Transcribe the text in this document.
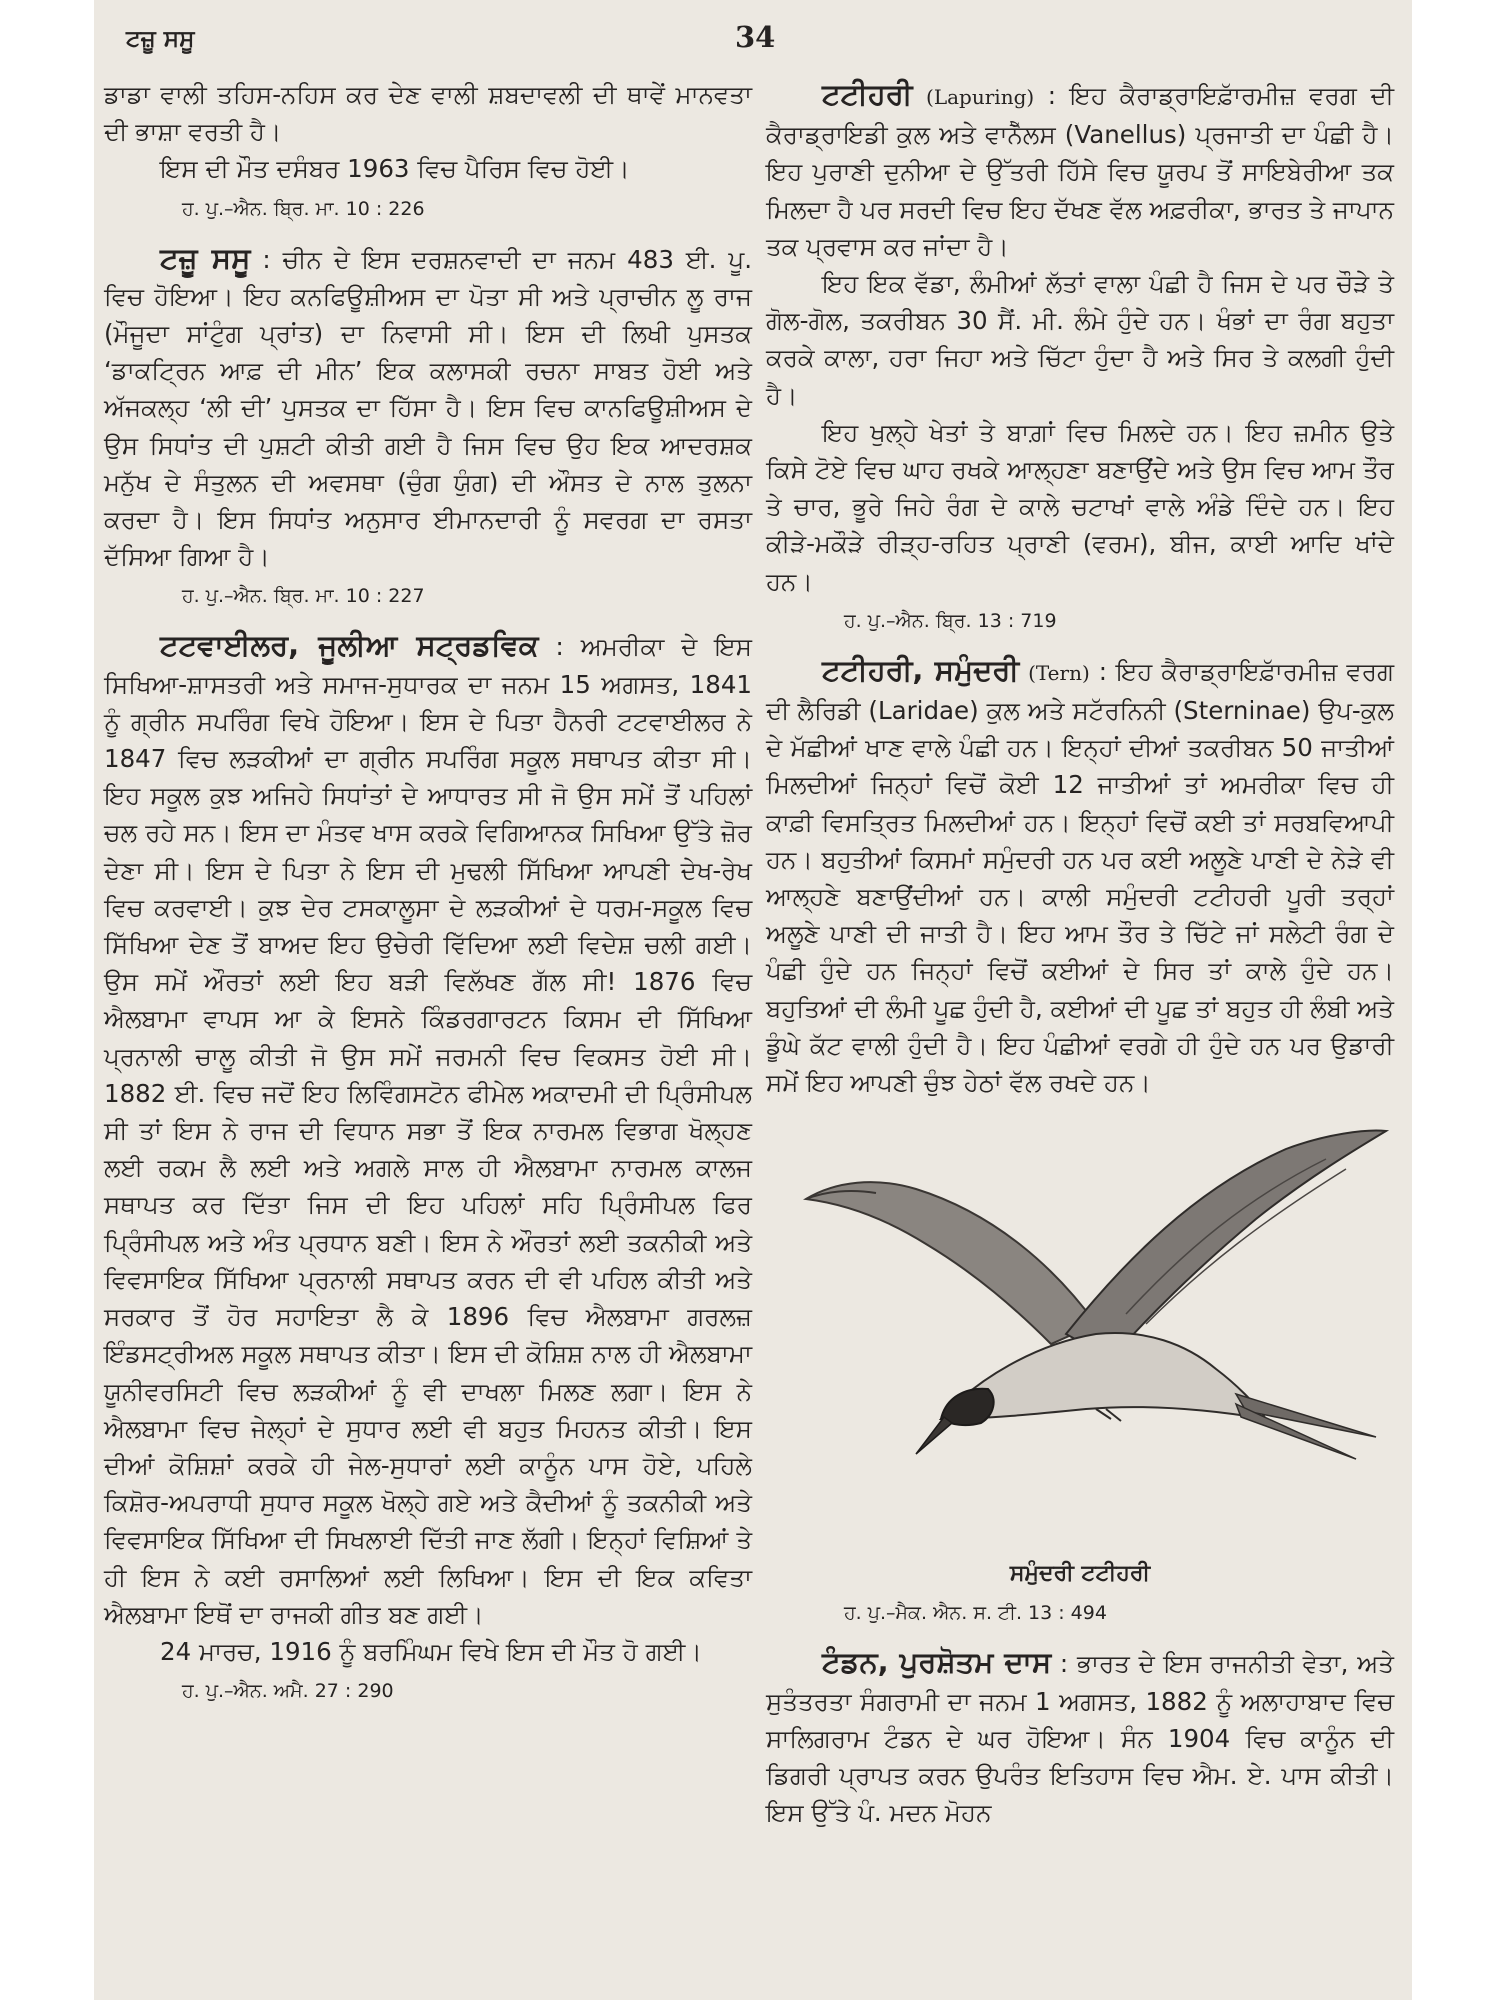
ਟਜ਼ੂ ਸਸੂ	34

ਡਾਡਾ ਵਾਲੀ ਤਹਿਸ-ਨਹਿਸ ਕਰ ਦੇਣ ਵਾਲੀ ਸ਼ਬਦਾਵਲੀ ਦੀ ਥਾਵੇਂ ਮਾਨਵਤਾ ਦੀ ਭਾਸ਼ਾ ਵਰਤੀ ਹੈ।

ਇਸ ਦੀ ਮੌਤ ਦਸੰਬਰ 1963 ਵਿਚ ਪੈਰਿਸ ਵਿਚ ਹੋਈ।

ਹ. ਪੁ.–ਐਨ. ਬ੍ਰਿ. ਮਾ. 10 : 226

ਟਜ਼ੂ ਸਸੂ : ਚੀਨ ਦੇ ਇਸ ਦਰਸ਼ਨਵਾਦੀ ਦਾ ਜਨਮ 483 ਈ. ਪੂ. ਵਿਚ ਹੋਇਆ। ਇਹ ਕਨਫਿਊਸ਼ੀਅਸ ਦਾ ਪੋਤਾ ਸੀ ਅਤੇ ਪ੍ਰਾਚੀਨ ਲੂ ਰਾਜ (ਮੌਜੂਦਾ ਸਾਂਟੁੰਗ ਪ੍ਰਾਂਤ) ਦਾ ਨਿਵਾਸੀ ਸੀ। ਇਸ ਦੀ ਲਿਖੀ ਪੁਸਤਕ ‘ਡਾਕਟ੍ਰਿਨ ਆਫ਼ ਦੀ ਮੀਨ’ ਇਕ ਕਲਾਸਕੀ ਰਚਨਾ ਸਾਬਤ ਹੋਈ ਅਤੇ ਅੱਜਕਲ੍ਹ ‘ਲੀ ਦੀ’ ਪੁਸਤਕ ਦਾ ਹਿੱਸਾ ਹੈ। ਇਸ ਵਿਚ ਕਾਨਫਿਊਸ਼ੀਅਸ ਦੇ ਉਸ ਸਿਧਾਂਤ ਦੀ ਪੁਸ਼ਟੀ ਕੀਤੀ ਗਈ ਹੈ ਜਿਸ ਵਿਚ ਉਹ ਇਕ ਆਦਰਸ਼ਕ ਮਨੁੱਖ ਦੇ ਸੰਤੁਲਨ ਦੀ ਅਵਸਥਾ (ਚੁੰਗ ਯੁੰਗ) ਦੀ ਔਸਤ ਦੇ ਨਾਲ ਤੁਲਨਾ ਕਰਦਾ ਹੈ। ਇਸ ਸਿਧਾਂਤ ਅਨੁਸਾਰ ਈਮਾਨਦਾਰੀ ਨੂੰ ਸਵਰਗ ਦਾ ਰਸਤਾ ਦੱਸਿਆ ਗਿਆ ਹੈ।

ਹ. ਪੁ.–ਐਨ. ਬ੍ਰਿ. ਮਾ. 10 : 227

ਟਟਵਾਈਲਰ, ਜੂਲੀਆ ਸਟ੍ਰਡਵਿਕ : ਅਮਰੀਕਾ ਦੇ ਇਸ ਸਿਖਿਆ-ਸ਼ਾਸਤਰੀ ਅਤੇ ਸਮਾਜ-ਸੁਧਾਰਕ ਦਾ ਜਨਮ 15 ਅਗਸਤ, 1841 ਨੂੰ ਗ੍ਰੀਨ ਸਪਰਿੰਗ ਵਿਖੇ ਹੋਇਆ। ਇਸ ਦੇ ਪਿਤਾ ਹੈਨਰੀ ਟਟਵਾਈਲਰ ਨੇ 1847 ਵਿਚ ਲੜਕੀਆਂ ਦਾ ਗ੍ਰੀਨ ਸਪਰਿੰਗ ਸਕੂਲ ਸਥਾਪਤ ਕੀਤਾ ਸੀ। ਇਹ ਸਕੂਲ ਕੁਝ ਅਜਿਹੇ ਸਿਧਾਂਤਾਂ ਦੇ ਆਧਾਰਤ ਸੀ ਜੋ ਉਸ ਸਮੇਂ ਤੋਂ ਪਹਿਲਾਂ ਚਲ ਰਹੇ ਸਨ। ਇਸ ਦਾ ਮੰਤਵ ਖਾਸ ਕਰਕੇ ਵਿਗਿਆਨਕ ਸਿਖਿਆ ਉੱਤੇ ਜ਼ੋਰ ਦੇਣਾ ਸੀ। ਇਸ ਦੇ ਪਿਤਾ ਨੇ ਇਸ ਦੀ ਮੁਢਲੀ ਸਿੱਖਿਆ ਆਪਣੀ ਦੇਖ-ਰੇਖ ਵਿਚ ਕਰਵਾਈ। ਕੁਝ ਦੇਰ ਟਸਕਾਲੂਸਾ ਦੇ ਲੜਕੀਆਂ ਦੇ ਧਰਮ-ਸਕੂਲ ਵਿਚ ਸਿੱਖਿਆ ਦੇਣ ਤੋਂ ਬਾਅਦ ਇਹ ਉਚੇਰੀ ਵਿੱਦਿਆ ਲਈ ਵਿਦੇਸ਼ ਚਲੀ ਗਈ। ਉਸ ਸਮੇਂ ਔਰਤਾਂ ਲਈ ਇਹ ਬੜੀ ਵਿਲੱਖਣ ਗੱਲ ਸੀ! 1876 ਵਿਚ ਐਲਬਾਮਾ ਵਾਪਸ ਆ ਕੇ ਇਸਨੇ ਕਿੰਡਰਗਾਰਟਨ ਕਿਸਮ ਦੀ ਸਿੱਖਿਆ ਪ੍ਰਨਾਲੀ ਚਾਲੂ ਕੀਤੀ ਜੋ ਉਸ ਸਮੇਂ ਜਰਮਨੀ ਵਿਚ ਵਿਕਸਤ ਹੋਈ ਸੀ। 1882 ਈ. ਵਿਚ ਜਦੋਂ ਇਹ ਲਿਵਿੰਗਸਟੋਨ ਫੀਮੇਲ ਅਕਾਦਮੀ ਦੀ ਪ੍ਰਿੰਸੀਪਲ ਸੀ ਤਾਂ ਇਸ ਨੇ ਰਾਜ ਦੀ ਵਿਧਾਨ ਸਭਾ ਤੋਂ ਇਕ ਨਾਰਮਲ ਵਿਭਾਗ ਖੋਲ੍ਹਣ ਲਈ ਰਕਮ ਲੈ ਲਈ ਅਤੇ ਅਗਲੇ ਸਾਲ ਹੀ ਐਲਬਾਮਾ ਨਾਰਮਲ ਕਾਲਜ ਸਥਾਪਤ ਕਰ ਦਿੱਤਾ ਜਿਸ ਦੀ ਇਹ ਪਹਿਲਾਂ ਸਹਿ ਪ੍ਰਿੰਸੀਪਲ ਫਿਰ ਪ੍ਰਿੰਸੀਪਲ ਅਤੇ ਅੰਤ ਪ੍ਰਧਾਨ ਬਣੀ। ਇਸ ਨੇ ਔਰਤਾਂ ਲਈ ਤਕਨੀਕੀ ਅਤੇ ਵਿਵਸਾਇਕ ਸਿੱਖਿਆ ਪ੍ਰਨਾਲੀ ਸਥਾਪਤ ਕਰਨ ਦੀ ਵੀ ਪਹਿਲ ਕੀਤੀ ਅਤੇ ਸਰਕਾਰ ਤੋਂ ਹੋਰ ਸਹਾਇਤਾ ਲੈ ਕੇ 1896 ਵਿਚ ਐਲਬਾਮਾ ਗਰਲਜ਼ ਇੰਡਸਟ੍ਰੀਅਲ ਸਕੂਲ ਸਥਾਪਤ ਕੀਤਾ। ਇਸ ਦੀ ਕੋਸ਼ਿਸ਼ ਨਾਲ ਹੀ ਐਲਬਾਮਾ ਯੂਨੀਵਰਸਿਟੀ ਵਿਚ ਲੜਕੀਆਂ ਨੂੰ ਵੀ ਦਾਖਲਾ ਮਿਲਣ ਲਗਾ। ਇਸ ਨੇ ਐਲਬਾਮਾ ਵਿਚ ਜੇਲ੍ਹਾਂ ਦੇ ਸੁਧਾਰ ਲਈ ਵੀ ਬਹੁਤ ਮਿਹਨਤ ਕੀਤੀ। ਇਸ ਦੀਆਂ ਕੋਸ਼ਿਸ਼ਾਂ ਕਰਕੇ ਹੀ ਜੇਲ-ਸੁਧਾਰਾਂ ਲਈ ਕਾਨੂੰਨ ਪਾਸ ਹੋਏ, ਪਹਿਲੇ ਕਿਸ਼ੋਰ-ਅਪਰਾਧੀ ਸੁਧਾਰ ਸਕੂਲ ਖੋਲ੍ਹੇ ਗਏ ਅਤੇ ਕੈਦੀਆਂ ਨੂੰ ਤਕਨੀਕੀ ਅਤੇ ਵਿਵਸਾਇਕ ਸਿੱਖਿਆ ਦੀ ਸਿਖਲਾਈ ਦਿੱਤੀ ਜਾਣ ਲੱਗੀ। ਇਨ੍ਹਾਂ ਵਿਸ਼ਿਆਂ ਤੇ ਹੀ ਇਸ ਨੇ ਕਈ ਰਸਾਲਿਆਂ ਲਈ ਲਿਖਿਆ। ਇਸ ਦੀ ਇਕ ਕਵਿਤਾ ਐਲਬਾਮਾ ਇਥੋਂ ਦਾ ਰਾਜਕੀ ਗੀਤ ਬਣ ਗਈ।

24 ਮਾਰਚ, 1916 ਨੂੰ ਬਰਮਿੰਘਮ ਵਿਖੇ ਇਸ ਦੀ ਮੌਤ ਹੋ ਗਈ।

ਹ. ਪੁ.–ਐਨ. ਅਮੈ. 27 : 290

ਟਟੀਹਰੀ (Lapuring) : ਇਹ ਕੈਰਾਡ੍ਰਾਇਫ਼ਾੱਰਮੀਜ਼ ਵਰਗ ਦੀ ਕੈਰਾਡ੍ਰਾਇਡੀ ਕੁਲ ਅਤੇ ਵਾਨੈੱਲਸ (Vanellus) ਪ੍ਰਜਾਤੀ ਦਾ ਪੰਛੀ ਹੈ। ਇਹ ਪੁਰਾਣੀ ਦੁਨੀਆ ਦੇ ਉੱਤਰੀ ਹਿੱਸੇ ਵਿਚ ਯੂਰਪ ਤੋਂ ਸਾਇਬੇਰੀਆ ਤਕ ਮਿਲਦਾ ਹੈ ਪਰ ਸਰਦੀ ਵਿਚ ਇਹ ਦੱਖਣ ਵੱਲ ਅਫ਼ਰੀਕਾ, ਭਾਰਤ ਤੇ ਜਾਪਾਨ ਤਕ ਪ੍ਰਵਾਸ ਕਰ ਜਾਂਦਾ ਹੈ।

ਇਹ ਇਕ ਵੱਡਾ, ਲੰਮੀਆਂ ਲੱਤਾਂ ਵਾਲਾ ਪੰਛੀ ਹੈ ਜਿਸ ਦੇ ਪਰ ਚੌੜੇ ਤੇ ਗੋਲ-ਗੋਲ, ਤਕਰੀਬਨ 30 ਸੈਂ. ਮੀ. ਲੰਮੇ ਹੁੰਦੇ ਹਨ। ਖੰਭਾਂ ਦਾ ਰੰਗ ਬਹੁਤਾ ਕਰਕੇ ਕਾਲਾ, ਹਰਾ ਜਿਹਾ ਅਤੇ ਚਿੱਟਾ ਹੁੰਦਾ ਹੈ ਅਤੇ ਸਿਰ ਤੇ ਕਲਗੀ ਹੁੰਦੀ ਹੈ।

ਇਹ ਖੁਲ੍ਹੇ ਖੇਤਾਂ ਤੇ ਬਾਗ਼ਾਂ ਵਿਚ ਮਿਲਦੇ ਹਨ। ਇਹ ਜ਼ਮੀਨ ਉਤੇ ਕਿਸੇ ਟੋਏ ਵਿਚ ਘਾਹ ਰਖਕੇ ਆਲ੍ਹਣਾ ਬਣਾਉਂਦੇ ਅਤੇ ਉਸ ਵਿਚ ਆਮ ਤੌਰ ਤੇ ਚਾਰ, ਭੂਰੇ ਜਿਹੇ ਰੰਗ ਦੇ ਕਾਲੇ ਚਟਾਖਾਂ ਵਾਲੇ ਅੰਡੇ ਦਿੰਦੇ ਹਨ। ਇਹ ਕੀੜੇ-ਮਕੌੜੇ ਰੀੜ੍ਹ-ਰਹਿਤ ਪ੍ਰਾਣੀ (ਵਰਮ), ਬੀਜ, ਕਾਈ ਆਦਿ ਖਾਂਦੇ ਹਨ।

ਹ. ਪੁ.–ਐਨ. ਬ੍ਰਿ. 13 : 719

ਟਟੀਹਰੀ, ਸਮੁੰਦਰੀ (Tern) : ਇਹ ਕੈਰਾਡ੍ਰਾਇਫ਼ਾੱਰਮੀਜ਼ ਵਰਗ ਦੀ ਲੈਰਿਡੀ (Laridae) ਕੁਲ ਅਤੇ ਸਟੱਰਨਿਨੀ (Sterninae) ਉਪ-ਕੁਲ ਦੇ ਮੱਛੀਆਂ ਖਾਣ ਵਾਲੇ ਪੰਛੀ ਹਨ। ਇਨ੍ਹਾਂ ਦੀਆਂ ਤਕਰੀਬਨ 50 ਜਾਤੀਆਂ ਮਿਲਦੀਆਂ ਜਿਨ੍ਹਾਂ ਵਿਚੋਂ ਕੋਈ 12 ਜਾਤੀਆਂ ਤਾਂ ਅਮਰੀਕਾ ਵਿਚ ਹੀ ਕਾਫ਼ੀ ਵਿਸਤ੍ਰਿਤ ਮਿਲਦੀਆਂ ਹਨ। ਇਨ੍ਹਾਂ ਵਿਚੋਂ ਕਈ ਤਾਂ ਸਰਬਵਿਆਪੀ ਹਨ। ਬਹੁਤੀਆਂ ਕਿਸਮਾਂ ਸਮੁੰਦਰੀ ਹਨ ਪਰ ਕਈ ਅਲੂਣੇ ਪਾਣੀ ਦੇ ਨੇੜੇ ਵੀ ਆਲ੍ਹਣੇ ਬਣਾਉਂਦੀਆਂ ਹਨ। ਕਾਲੀ ਸਮੁੰਦਰੀ ਟਟੀਹਰੀ ਪੂਰੀ ਤਰ੍ਹਾਂ ਅਲੂਣੇ ਪਾਣੀ ਦੀ ਜਾਤੀ ਹੈ। ਇਹ ਆਮ ਤੌਰ ਤੇ ਚਿੱਟੇ ਜਾਂ ਸਲੇਟੀ ਰੰਗ ਦੇ ਪੰਛੀ ਹੁੰਦੇ ਹਨ ਜਿਨ੍ਹਾਂ ਵਿਚੋਂ ਕਈਆਂ ਦੇ ਸਿਰ ਤਾਂ ਕਾਲੇ ਹੁੰਦੇ ਹਨ। ਬਹੁਤਿਆਂ ਦੀ ਲੰਮੀ ਪੂਛ ਹੁੰਦੀ ਹੈ, ਕਈਆਂ ਦੀ ਪੂਛ ਤਾਂ ਬਹੁਤ ਹੀ ਲੰਬੀ ਅਤੇ ਡੂੰਘੇ ਕੱਟ ਵਾਲੀ ਹੁੰਦੀ ਹੈ। ਇਹ ਪੰਛੀਆਂ ਵਰਗੇ ਹੀ ਹੁੰਦੇ ਹਨ ਪਰ ਉਡਾਰੀ ਸਮੇਂ ਇਹ ਆਪਣੀ ਚੁੰਝ ਹੇਠਾਂ ਵੱਲ ਰਖਦੇ ਹਨ।

ਸਮੁੰਦਰੀ ਟਟੀਹਰੀ

ਹ. ਪੁ.–ਮੈਕ. ਐਨ. ਸ. ਟੀ. 13 : 494

ਟੰਡਨ, ਪੁਰਸ਼ੋਤਮ ਦਾਸ : ਭਾਰਤ ਦੇ ਇਸ ਰਾਜਨੀਤੀ ਵੇਤਾ, ਅਤੇ ਸੁਤੰਤਰਤਾ ਸੰਗਰਾਮੀ ਦਾ ਜਨਮ 1 ਅਗਸਤ, 1882 ਨੂੰ ਅਲਾਹਾਬਾਦ ਵਿਚ ਸਾਲਿਗਰਾਮ ਟੰਡਨ ਦੇ ਘਰ ਹੋਇਆ। ਸੰਨ 1904 ਵਿਚ ਕਾਨੂੰਨ ਦੀ ਡਿਗਰੀ ਪ੍ਰਾਪਤ ਕਰਨ ਉਪਰੰਤ ਇਤਿਹਾਸ ਵਿਚ ਐਮ. ਏ. ਪਾਸ ਕੀਤੀ। ਇਸ ਉੱਤੇ ਪੰ. ਮਦਨ ਮੋਹਨ
